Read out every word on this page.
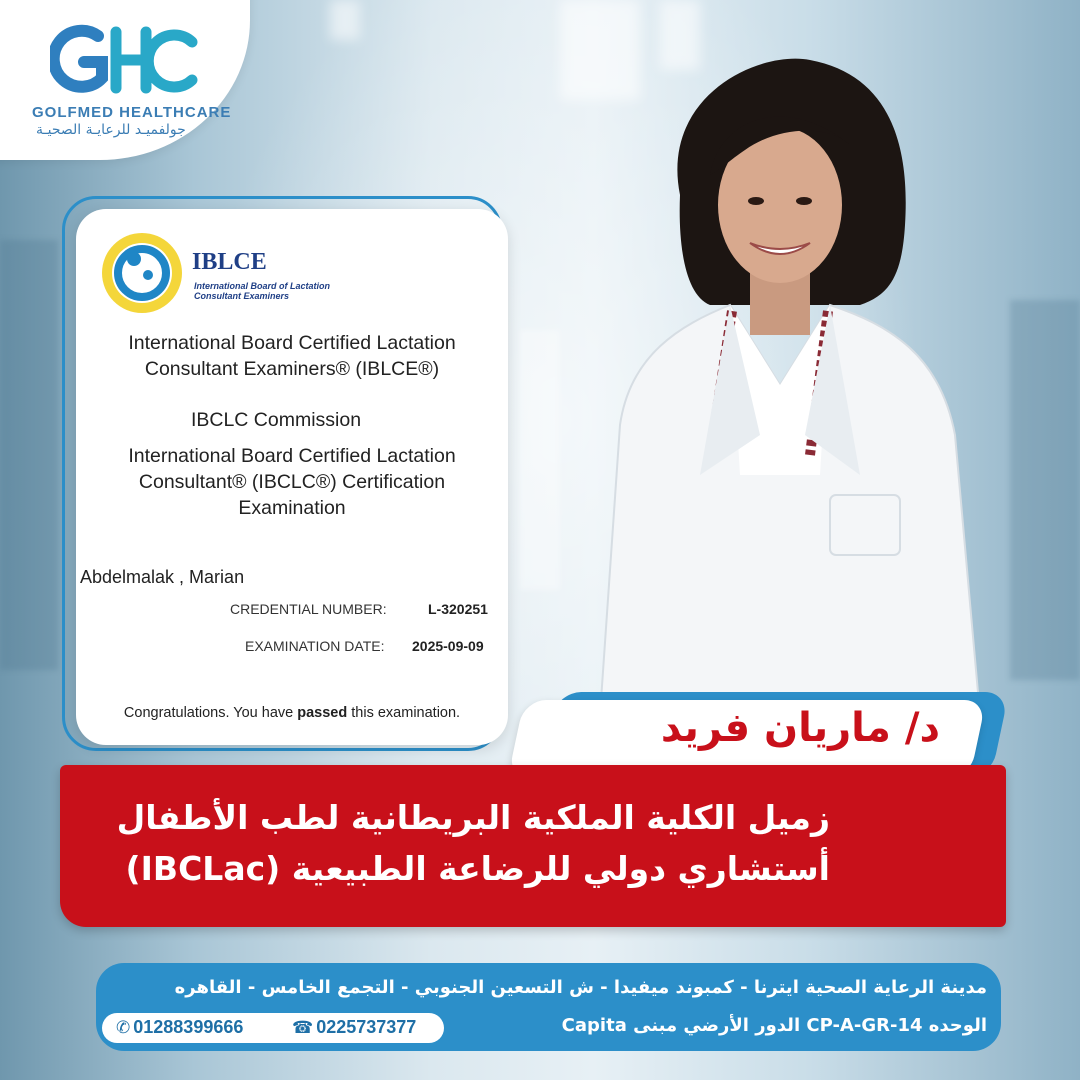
GOLFMED HEALTHCARE
جولفميـد للرعايـة الصحيـة
IBLCE
International Board of Lactation Consultant Examiners
International Board Certified Lactation
Consultant Examiners® (IBLCE®)
IBCLC Commission
International Board Certified Lactation
Consultant® (IBCLC®) Certification
Examination
Abdelmalak , Marian
CREDENTIAL NUMBER:	L-320251
EXAMINATION DATE: 2025-09-09
Congratulations. You have passed this examination.	د/ ماريان فريد
زميل الكلية الملكية البريطانية لطب الأطفال
أستشاري دولي للرضاعة الطبيعية (IBCLac)
مدينة الرعاية الصحية ايترنا - كمبوند ميفيدا - ش التسعين الجنوبي - التجمع الخامس - القاهره
الوحده CP-A-GR-14 الدور الأرضي مبنى Capita
✆ 01288399666	☎ 0225737377
